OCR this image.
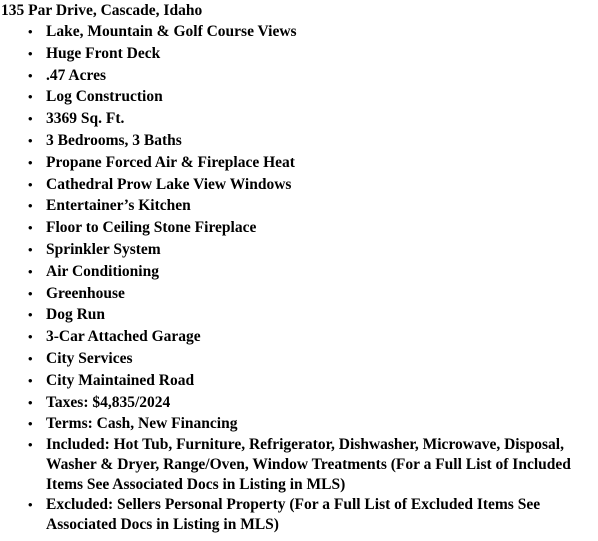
135 Par Drive, Cascade, Idaho

• Lake, Mountain & Golf Course Views
• Huge Front Deck
• .47 Acres
• Log Construction
• 3369 Sq. Ft.
• 3 Bedrooms, 3 Baths
• Propane Forced Air & Fireplace Heat
• Cathedral Prow Lake View Windows
• Entertainer’s Kitchen
• Floor to Ceiling Stone Fireplace
• Sprinkler System
• Air Conditioning
• Greenhouse
• Dog Run
• 3-Car Attached Garage
• City Services
• City Maintained Road
• Taxes: $4,835/2024
• Terms: Cash, New Financing
• Included: Hot Tub, Furniture, Refrigerator, Dishwasher, Microwave, Disposal, Washer & Dryer, Range/Oven, Window Treatments (For a Full List of Included Items See Associated Docs in Listing in MLS)
• Excluded: Sellers Personal Property (For a Full List of Excluded Items See Associated Docs in Listing in MLS)
